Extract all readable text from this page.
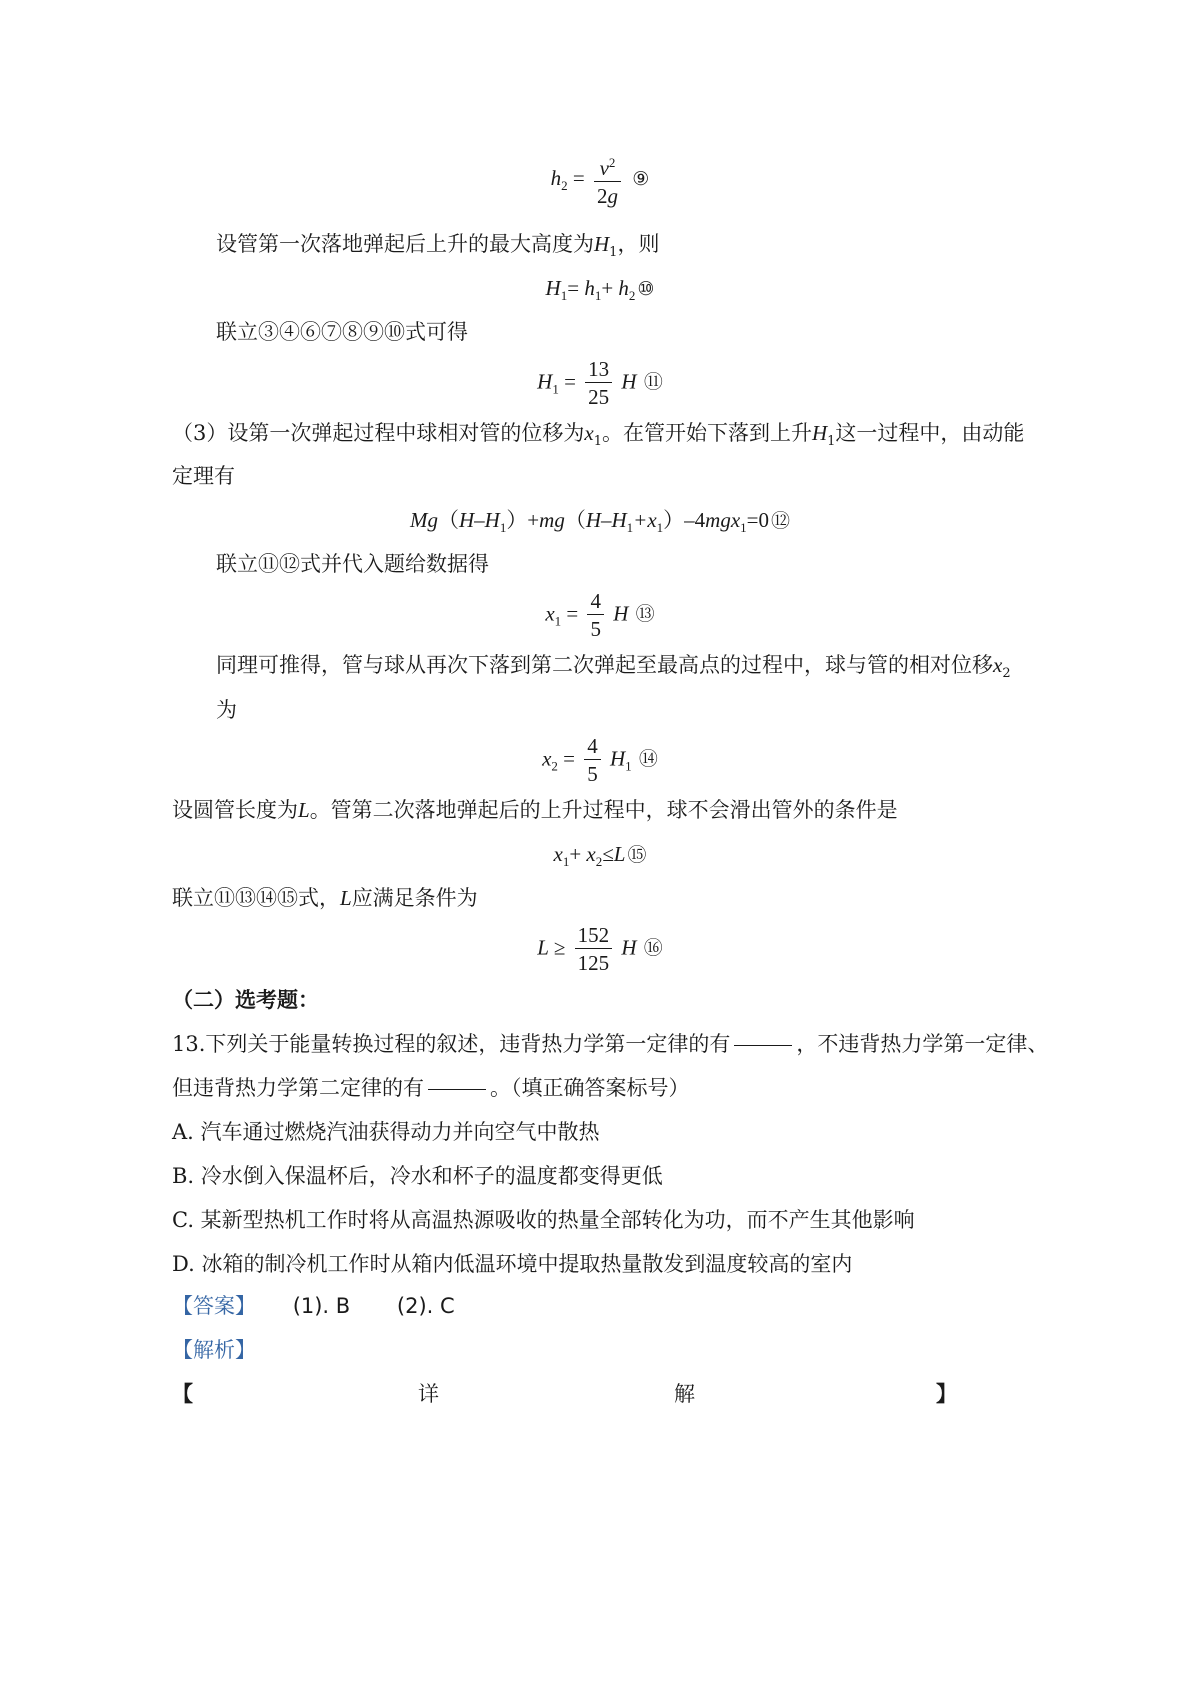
$h_2 = \frac{v^2}{2g}$ ⑨
设管第一次落地弹起后上升的最大高度为$H_1$，则
$H_1= h_1+ h_2$ ⑩
联立③④⑥⑦⑧⑨⑩式可得
$H_1 = \frac{13}{25}$ H ⑪
（3）设第一次弹起过程中球相对管的位移为$x_1$。在管开始下落到上升$H_1$这一过程中，由动能
定理有
$Mg(H-H_1)+mg(H-H_1+x_1)-4mgx_1=0$ ⑫
联立⑪⑫式并代入题给数据得
$x_1 = \frac{4}{5}$ H ⑬
同理可推得，管与球从再次下落到第二次弹起至最高点的过程中，球与管的相对位移$x_2$
为
$x_2 = \frac{4}{5} H_1$ ⑭
设圆管长度为L。管第二次落地弹起后的上升过程中，球不会滑出管外的条件是
$x_1+ x_2\le L$ ⑮
联立⑪⑬⑭⑮式，L应满足条件为
$L \ge \frac{152}{125}$ H ⑯
（二）选考题：
13.下列关于能量转换过程的叙述，违背热力学第一定律的有	，不违背热力学第一定律、
但违背热力学第二定律的有	。（填正确答案标号）
A. 汽车通过燃烧汽油获得动力并向空气中散热
B. 冷水倒入保温杯后，冷水和杯子的温度都变得更低
C. 某新型热机工作时将从高温热源吸收的热量全部转化为功，而不产生其他影响
D. 冰箱的制冷机工作时从箱内低温环境中提取热量散发到温度较高的室内
【答案】 (1). B (2). C
【解析】
【	详	解	】
